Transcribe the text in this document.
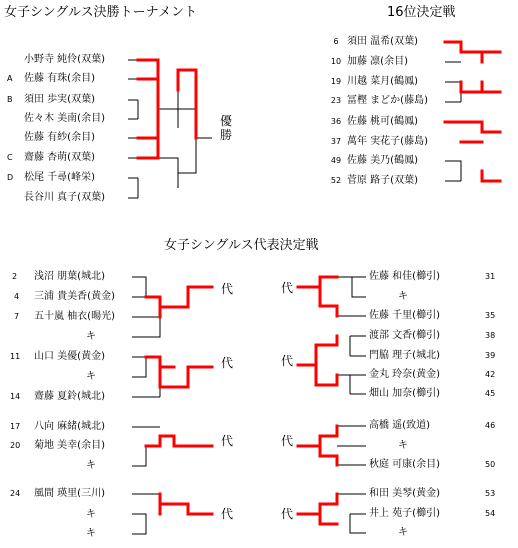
女子シングルス決勝トーナメント	16位決定戦
女子シングルス代表決定戦
A
B
C
D
小野寺 純伶(双葉)
佐藤 有珠(余目)
須田 歩実(双葉)
佐々木 美南(余目)
佐藤 有紗(余目)
齋藤 杏萌(双葉)
松尾 千尋(峰栄)
長谷川 真子(双葉)
優勝
6
10
19
23
36
37
49
52
須田 温希(双葉)
加藤 凛(余目)
川越 菜月(鶴鳳)
冨樫 まどか(藤島)
佐藤 桃可(鶴鳳)
萬年 実花子(藤島)
佐藤 美乃(鶴鳳)
菅原 路子(双葉)
2 浅沼 朋葉(城北)
4 三浦 貴美香(黄金)
7 五十嵐 柚衣(暘光)
キ
11 山口 美優(黄金)
キ
14 齋藤 夏鈴(城北)
17 八向 麻緒(城北)
20 菊地 美幸(余目)
キ
24 風間 瑛里(三川)
キ
キ
代
代
代
代
代
代
代
代
佐藤 和佳(櫛引)	31
キ
佐藤 千里(櫛引)	35
渡部 文香(櫛引)	38
門脇 理子(城北)	39
金丸 玲奈(黄金)	42
畑山 加奈(櫛引)	45
高橋 遥(致道)	46
キ
秋庭 可康(余目)	50
和田 美琴(黄金)	53
井上 苑子(櫛引)	54
キ
